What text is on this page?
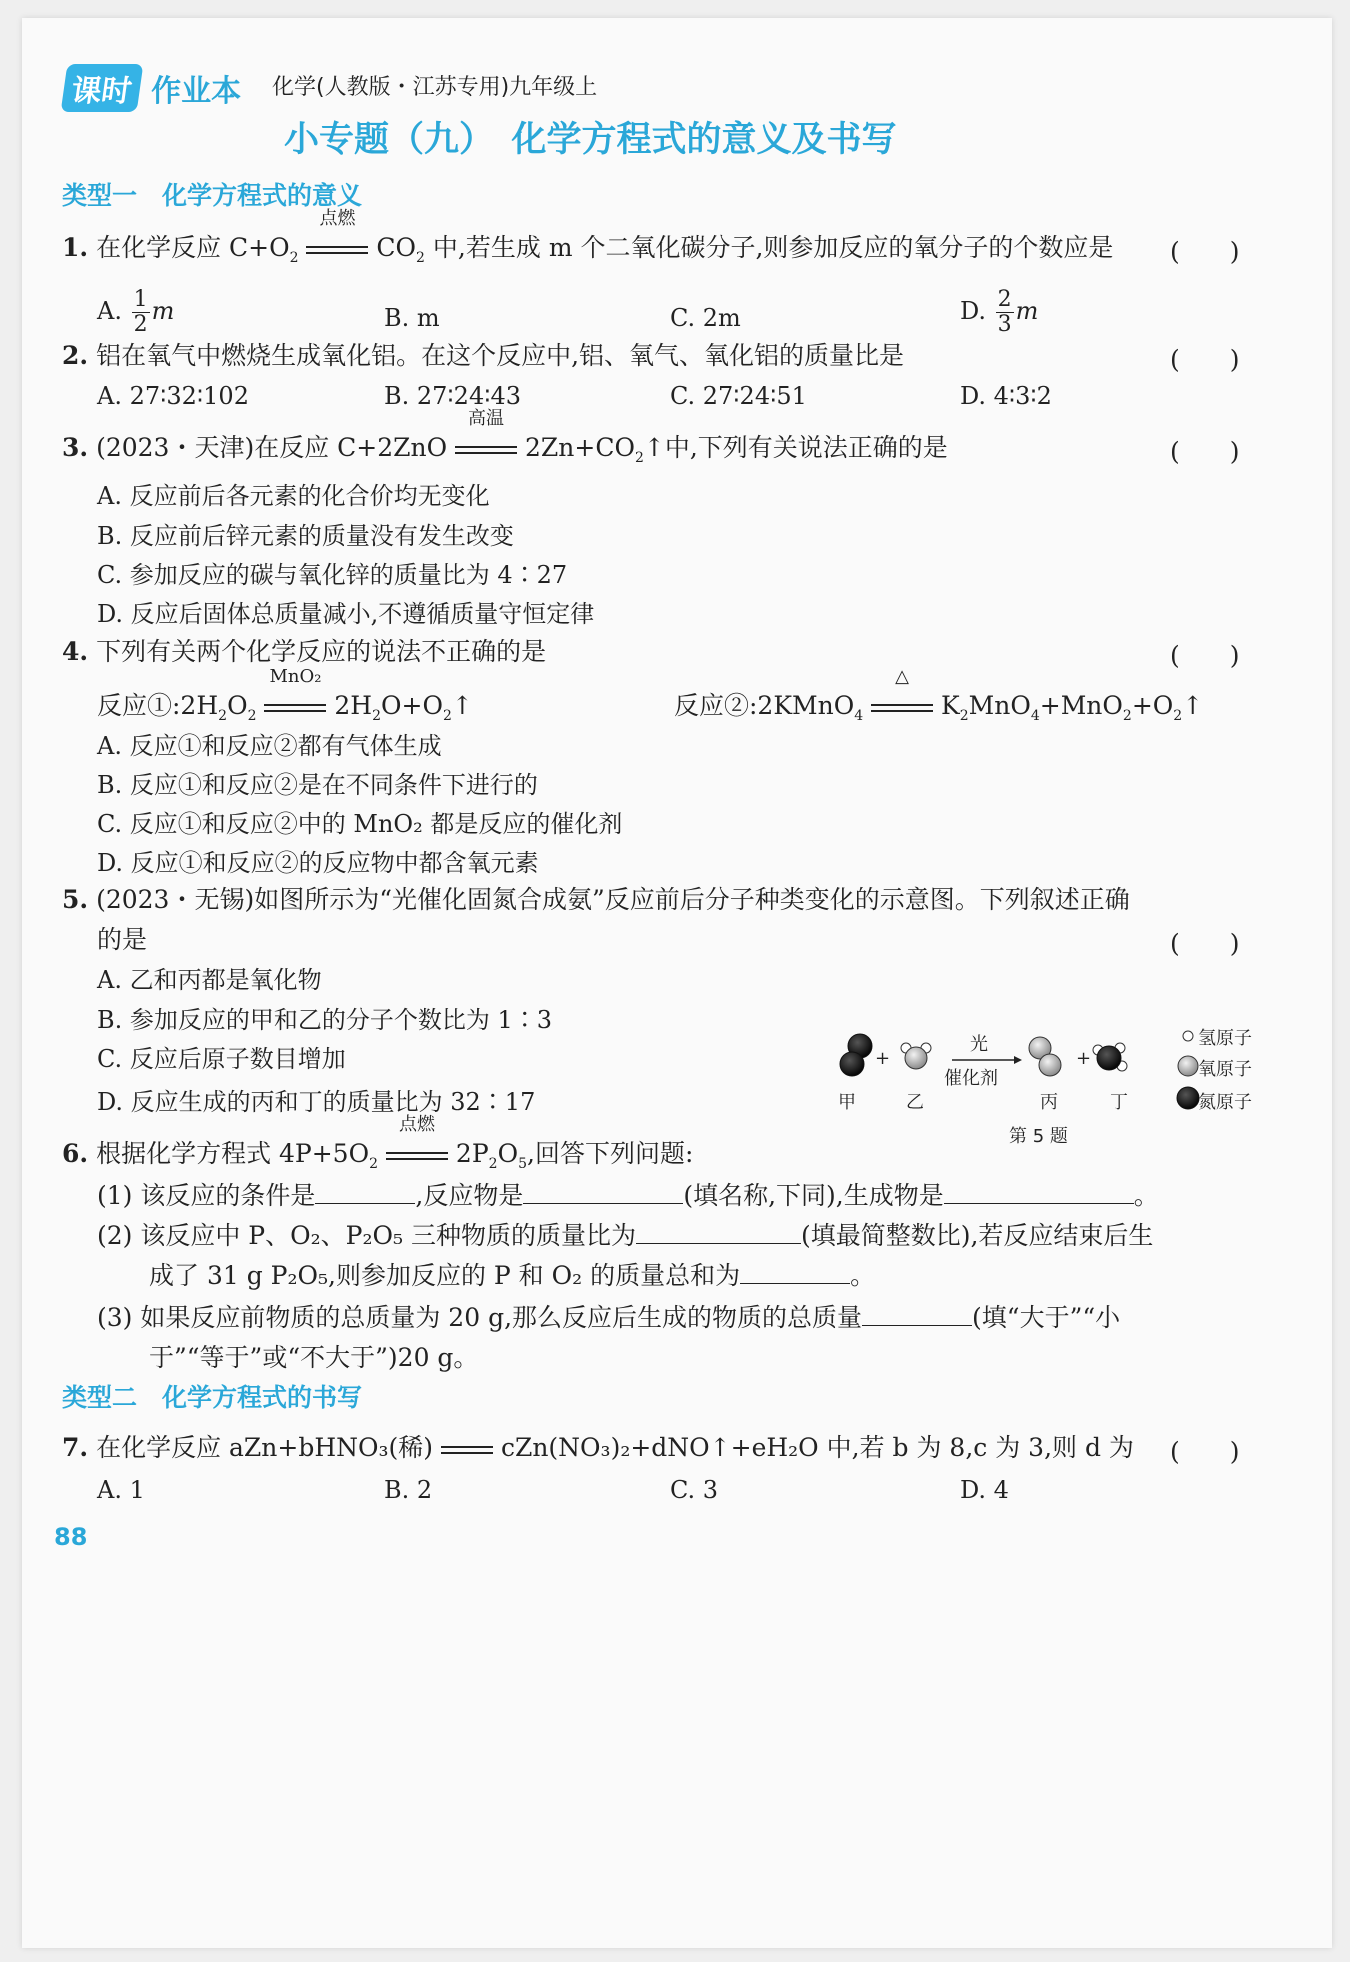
课时 作业本 化学(人教版・江苏专用)九年级上
小专题（九）　化学方程式的意义及书写
类型一　化学方程式的意义
1. 在化学反应 $C+O_2$
点燃
$CO_2$ 中,若生成 m 个二氧化碳分子,则参加反应的氧分子的个数应是 (　　)
A. $\frac{1}{2}$ m	B. m	C. 2m	D. $\frac{2}{3}$ m
2. 铝在氧气中燃烧生成氧化铝。在这个反应中,铝、氧气、氧化铝的质量比是	(　　)
A. 27∶32∶102	B. 27∶24∶43	C. 27∶24∶51	D. 4∶3∶2
3. (2023・天津)在反应 C+2ZnO
高温
$2Zn+CO_2↑$中,下列有关说法正确的是	(　　)
A. 反应前后各元素的化合价均无变化
B. 反应前后锌元素的质量没有发生改变
C. 参加反应的碳与氧化锌的质量比为 4∶27
D. 反应后固体总质量减小,不遵循质量守恒定律
4. 下列有关两个化学反应的说法不正确的是	(　　)
反应$①:2H_2O_2$
MnO₂
$2H_2O+O_2↑$	反应②:2KMnO$_4$
△
$K_2MnO_4+MnO_2+O_2↑$
A. 反应①和反应②都有气体生成
B. 反应①和反应②是在不同条件下进行的
C. 反应①和反应②中的 MnO₂ 都是反应的催化剂
D. 反应①和反应②的反应物中都含氧元素
5. (2023・无锡)如图所示为“光催化固氮合成氨”反应前后分子种类变化的示意图。下列叙述正确
的是	(　　)
A. 乙和丙都是氧化物
B. 参加反应的甲和乙的分子个数比为 1∶3
C. 反应后原子数目增加
D. 反应生成的丙和丁的质量比为 32∶17
+	+
光
催化剂
甲	乙	丙	丁
氢原子
氧原子
氮原子
第 5 题
6. 根据化学方程式 $4P+5O_2$
点燃
$2P_2O_5$,回答下列问题:
(1) 该反应的条件是	,反应物是	(填名称,下同),生成物是	。
(2) 该反应中 P、O₂、P₂O₅ 三种物质的质量比为	(填最简整数比),若反应结束后生
成了 31 g P₂O₅,则参加反应的 P 和 O₂ 的质量总和为	。
(3) 如果反应前物质的总质量为 20 g,那么反应后生成的物质的总质量	(填“大于”“小
于”“等于”或“不大于”)20 g。
类型二　化学方程式的书写
7. 在化学反应 aZn+bHNO₃(稀)	cZn(NO₃)₂+dNO↑+eH₂O 中,若 b 为 8,c 为 3,则 d 为 (　　)
A. 1	B. 2	C. 3	D. 4
88
